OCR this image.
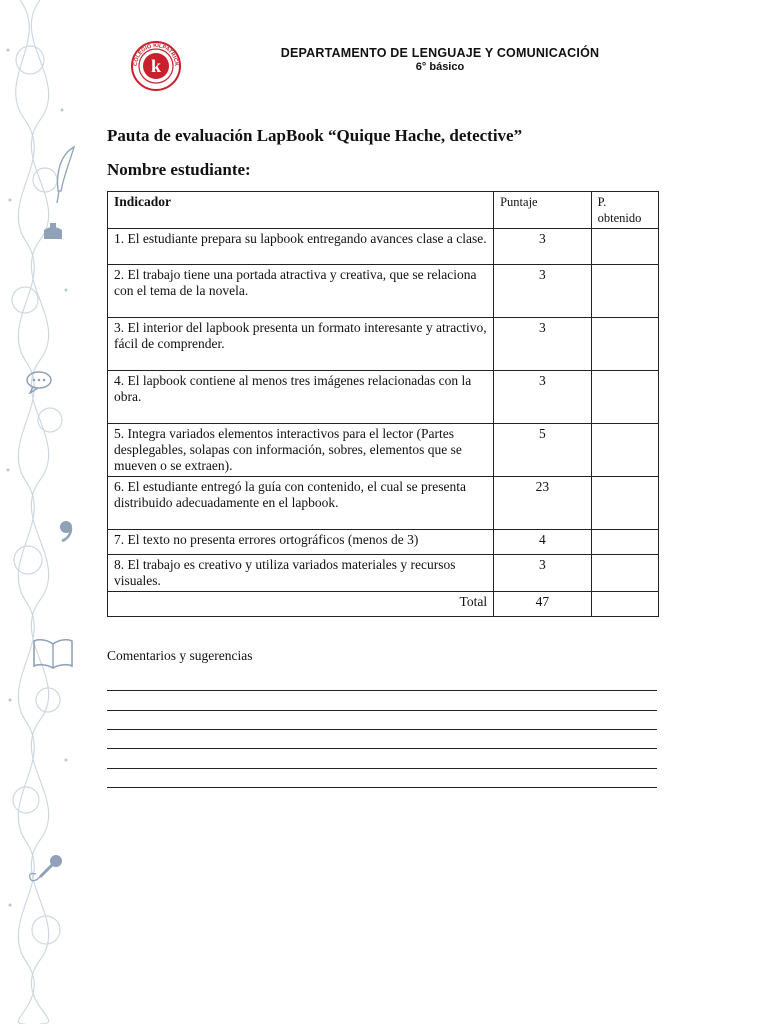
k
COLEGIO KILPATRICK
DEPARTAMENTO DE LENGUAJE Y COMUNICACIÓN
6° básico
Pauta de evaluación LapBook “Quique Hache, detective”
Nombre estudiante:
Indicador	Puntaje	P. obtenido
1. El estudiante prepara su lapbook entregando avances clase a clase.	3	
2. El trabajo tiene una portada atractiva y creativa, que se relaciona con el tema de la novela.	3	
3. El interior del lapbook presenta un formato interesante y atractivo, fácil de comprender.	3	
4. El lapbook contiene al menos tres imágenes relacionadas con la obra.	3	
5. Integra variados elementos interactivos para el lector (Partes desplegables, solapas con información, sobres, elementos que se mueven o se extraen).	5	
6. El estudiante entregó la guía con contenido, el cual se presenta distribuido adecuadamente en el lapbook.	23	
7. El texto no presenta errores ortográficos (menos de 3)	4	
8. El trabajo es creativo y utiliza variados materiales y recursos visuales.	3	
Total	47	
Comentarios y sugerencias
